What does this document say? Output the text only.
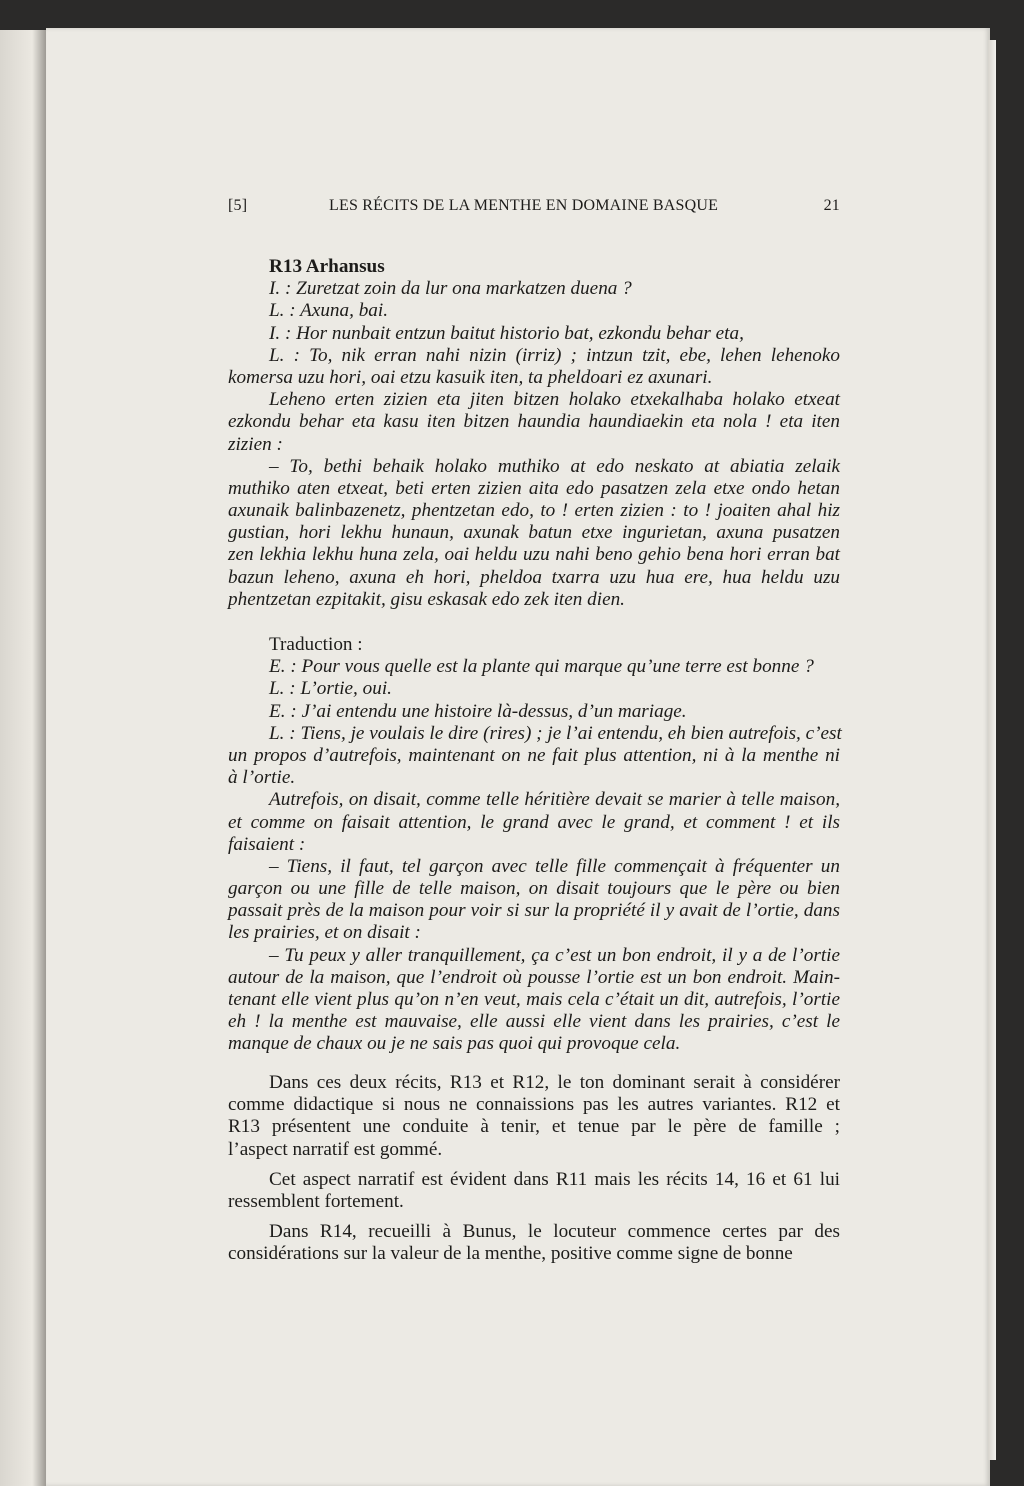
[5]	LES RÉCITS DE LA MENTHE EN DOMAINE BASQUE	21
R13 Arhansus
I. : Zuretzat zoin da lur ona markatzen duena ?
L. : Axuna, bai.
I. : Hor nunbait entzun baitut historio bat, ezkondu behar eta,
L. : To, nik erran nahi nizin (irriz) ; intzun tzit, ebe, lehen lehenoko
komersa uzu hori, oai etzu kasuik iten, ta pheldoari ez axunari.
Leheno erten zizien eta jiten bitzen holako etxekalhaba holako etxeat
ezkondu behar eta kasu iten bitzen haundia haundiaekin eta nola ! eta iten
zizien :
– To, bethi behaik holako muthiko at edo neskato at abiatia zelaik
muthiko aten etxeat, beti erten zizien aita edo pasatzen zela etxe ondo hetan
axunaik balinbazenetz, phentzetan edo, to ! erten zizien : to ! joaiten ahal hiz
gustian, hori lekhu hunaun, axunak batun etxe ingurietan, axuna pusatzen
zen lekhia lekhu huna zela, oai heldu uzu nahi beno gehio bena hori erran bat
bazun leheno, axuna eh hori, pheldoa txarra uzu hua ere, hua heldu uzu
phentzetan ezpitakit, gisu eskasak edo zek iten dien.
Traduction :
E. : Pour vous quelle est la plante qui marque qu’une terre est bonne ?
L. : L’ortie, oui.
E. : J’ai entendu une histoire là-dessus, d’un mariage.
L. : Tiens, je voulais le dire (rires) ; je l’ai entendu, eh bien autrefois, c’est
un propos d’autrefois, maintenant on ne fait plus attention, ni à la menthe ni
à l’ortie.
Autrefois, on disait, comme telle héritière devait se marier à telle maison,
et comme on faisait attention, le grand avec le grand, et comment ! et ils
faisaient :
– Tiens, il faut, tel garçon avec telle fille commençait à fréquenter un
garçon ou une fille de telle maison, on disait toujours que le père ou bien
passait près de la maison pour voir si sur la propriété il y avait de l’ortie, dans
les prairies, et on disait :
– Tu peux y aller tranquillement, ça c’est un bon endroit, il y a de l’ortie
autour de la maison, que l’endroit où pousse l’ortie est un bon endroit. Main-
tenant elle vient plus qu’on n’en veut, mais cela c’était un dit, autrefois, l’ortie
eh ! la menthe est mauvaise, elle aussi elle vient dans les prairies, c’est le
manque de chaux ou je ne sais pas quoi qui provoque cela.
Dans ces deux récits, R13 et R12, le ton dominant serait à considérer
comme didactique si nous ne connaissions pas les autres variantes. R12 et
R13 présentent une conduite à tenir, et tenue par le père de famille ;
l’aspect narratif est gommé.
Cet aspect narratif est évident dans R11 mais les récits 14, 16 et 61 lui
ressemblent fortement.
Dans R14, recueilli à Bunus, le locuteur commence certes par des
considérations sur la valeur de la menthe, positive comme signe de bonne
